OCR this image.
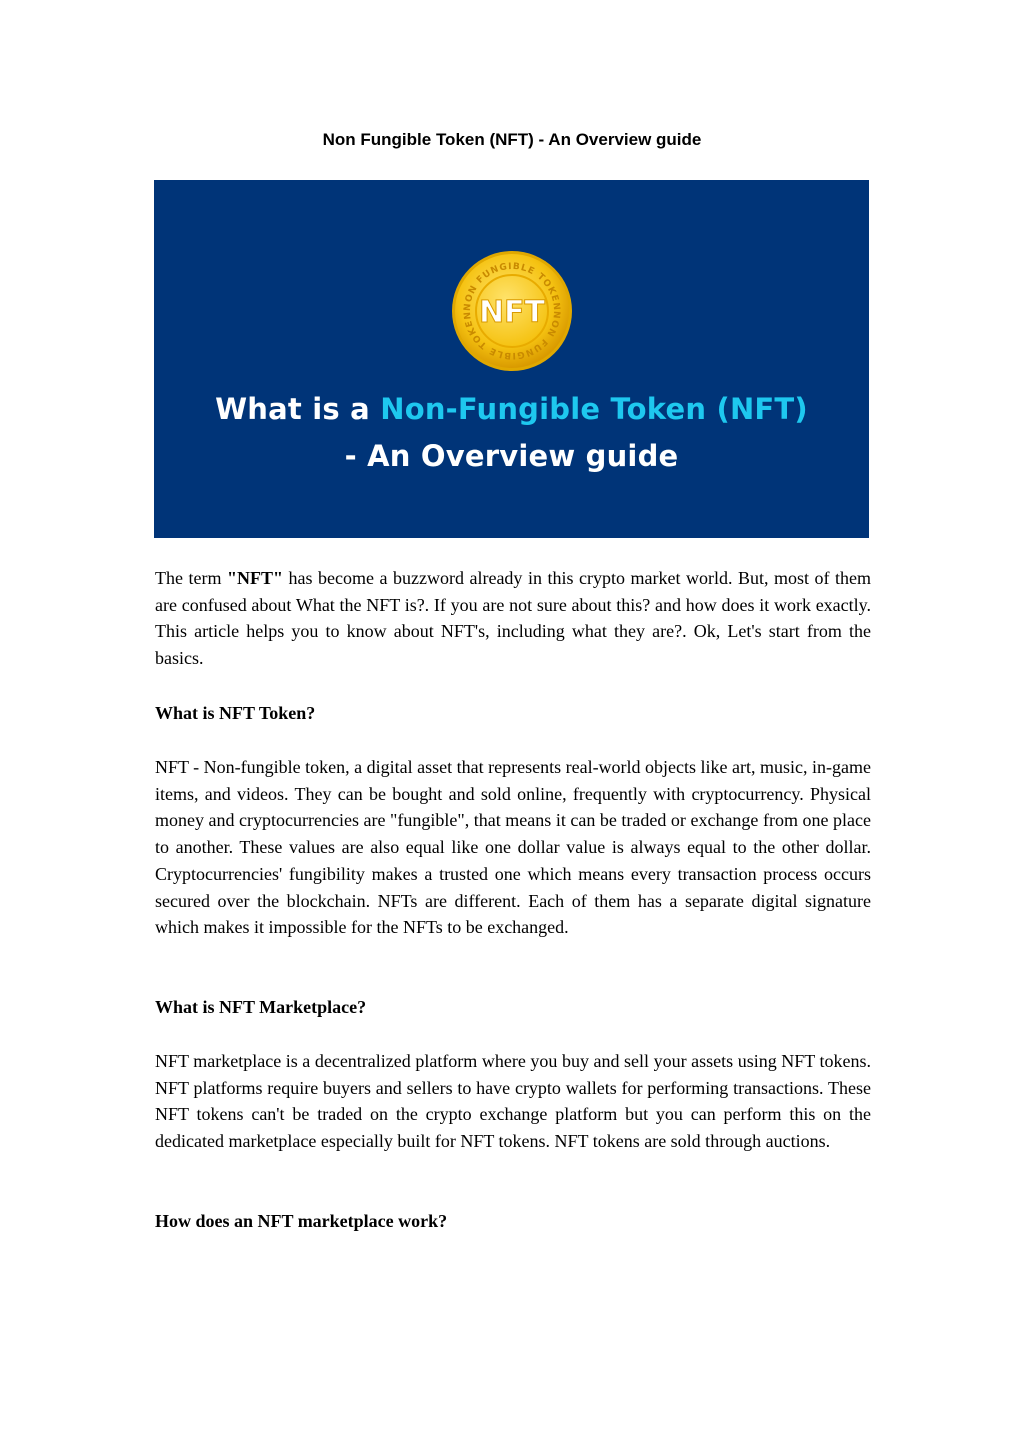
Non Fungible Token (NFT) - An Overview guide
NON FUNGIBLE TOKEN
NON FUNGIBLE TOKEN NFT
What is a Non-Fungible Token (NFT)
- An Overview guide

The term "NFT" has become a buzzword already in this crypto market world. But, most of them are confused about What the NFT is?. If you are not sure about this? and how does it work exactly. This article helps you to know about NFT's, including what they are?. Ok, Let's start from the basics.

What is NFT Token?

NFT - Non-fungible token, a digital asset that represents real-world objects like art, music, in-game items, and videos. They can be bought and sold online, frequently with cryptocurrency. Physical money and cryptocurrencies are "fungible", that means it can be traded or exchange from one place to another. These values are also equal like one dollar value is always equal to the other dollar. Cryptocurrencies' fungibility makes a trusted one which means every transaction process occurs secured over the blockchain. NFTs are different. Each of them has a separate digital signature which makes it impossible for the NFTs to be exchanged.

What is NFT Marketplace?

NFT marketplace is a decentralized platform where you buy and sell your assets using NFT tokens. NFT platforms require buyers and sellers to have crypto wallets for performing transactions. These NFT tokens can't be traded on the crypto exchange platform but you can perform this on the dedicated marketplace especially built for NFT tokens. NFT tokens are sold through auctions.

How does an NFT marketplace work?
